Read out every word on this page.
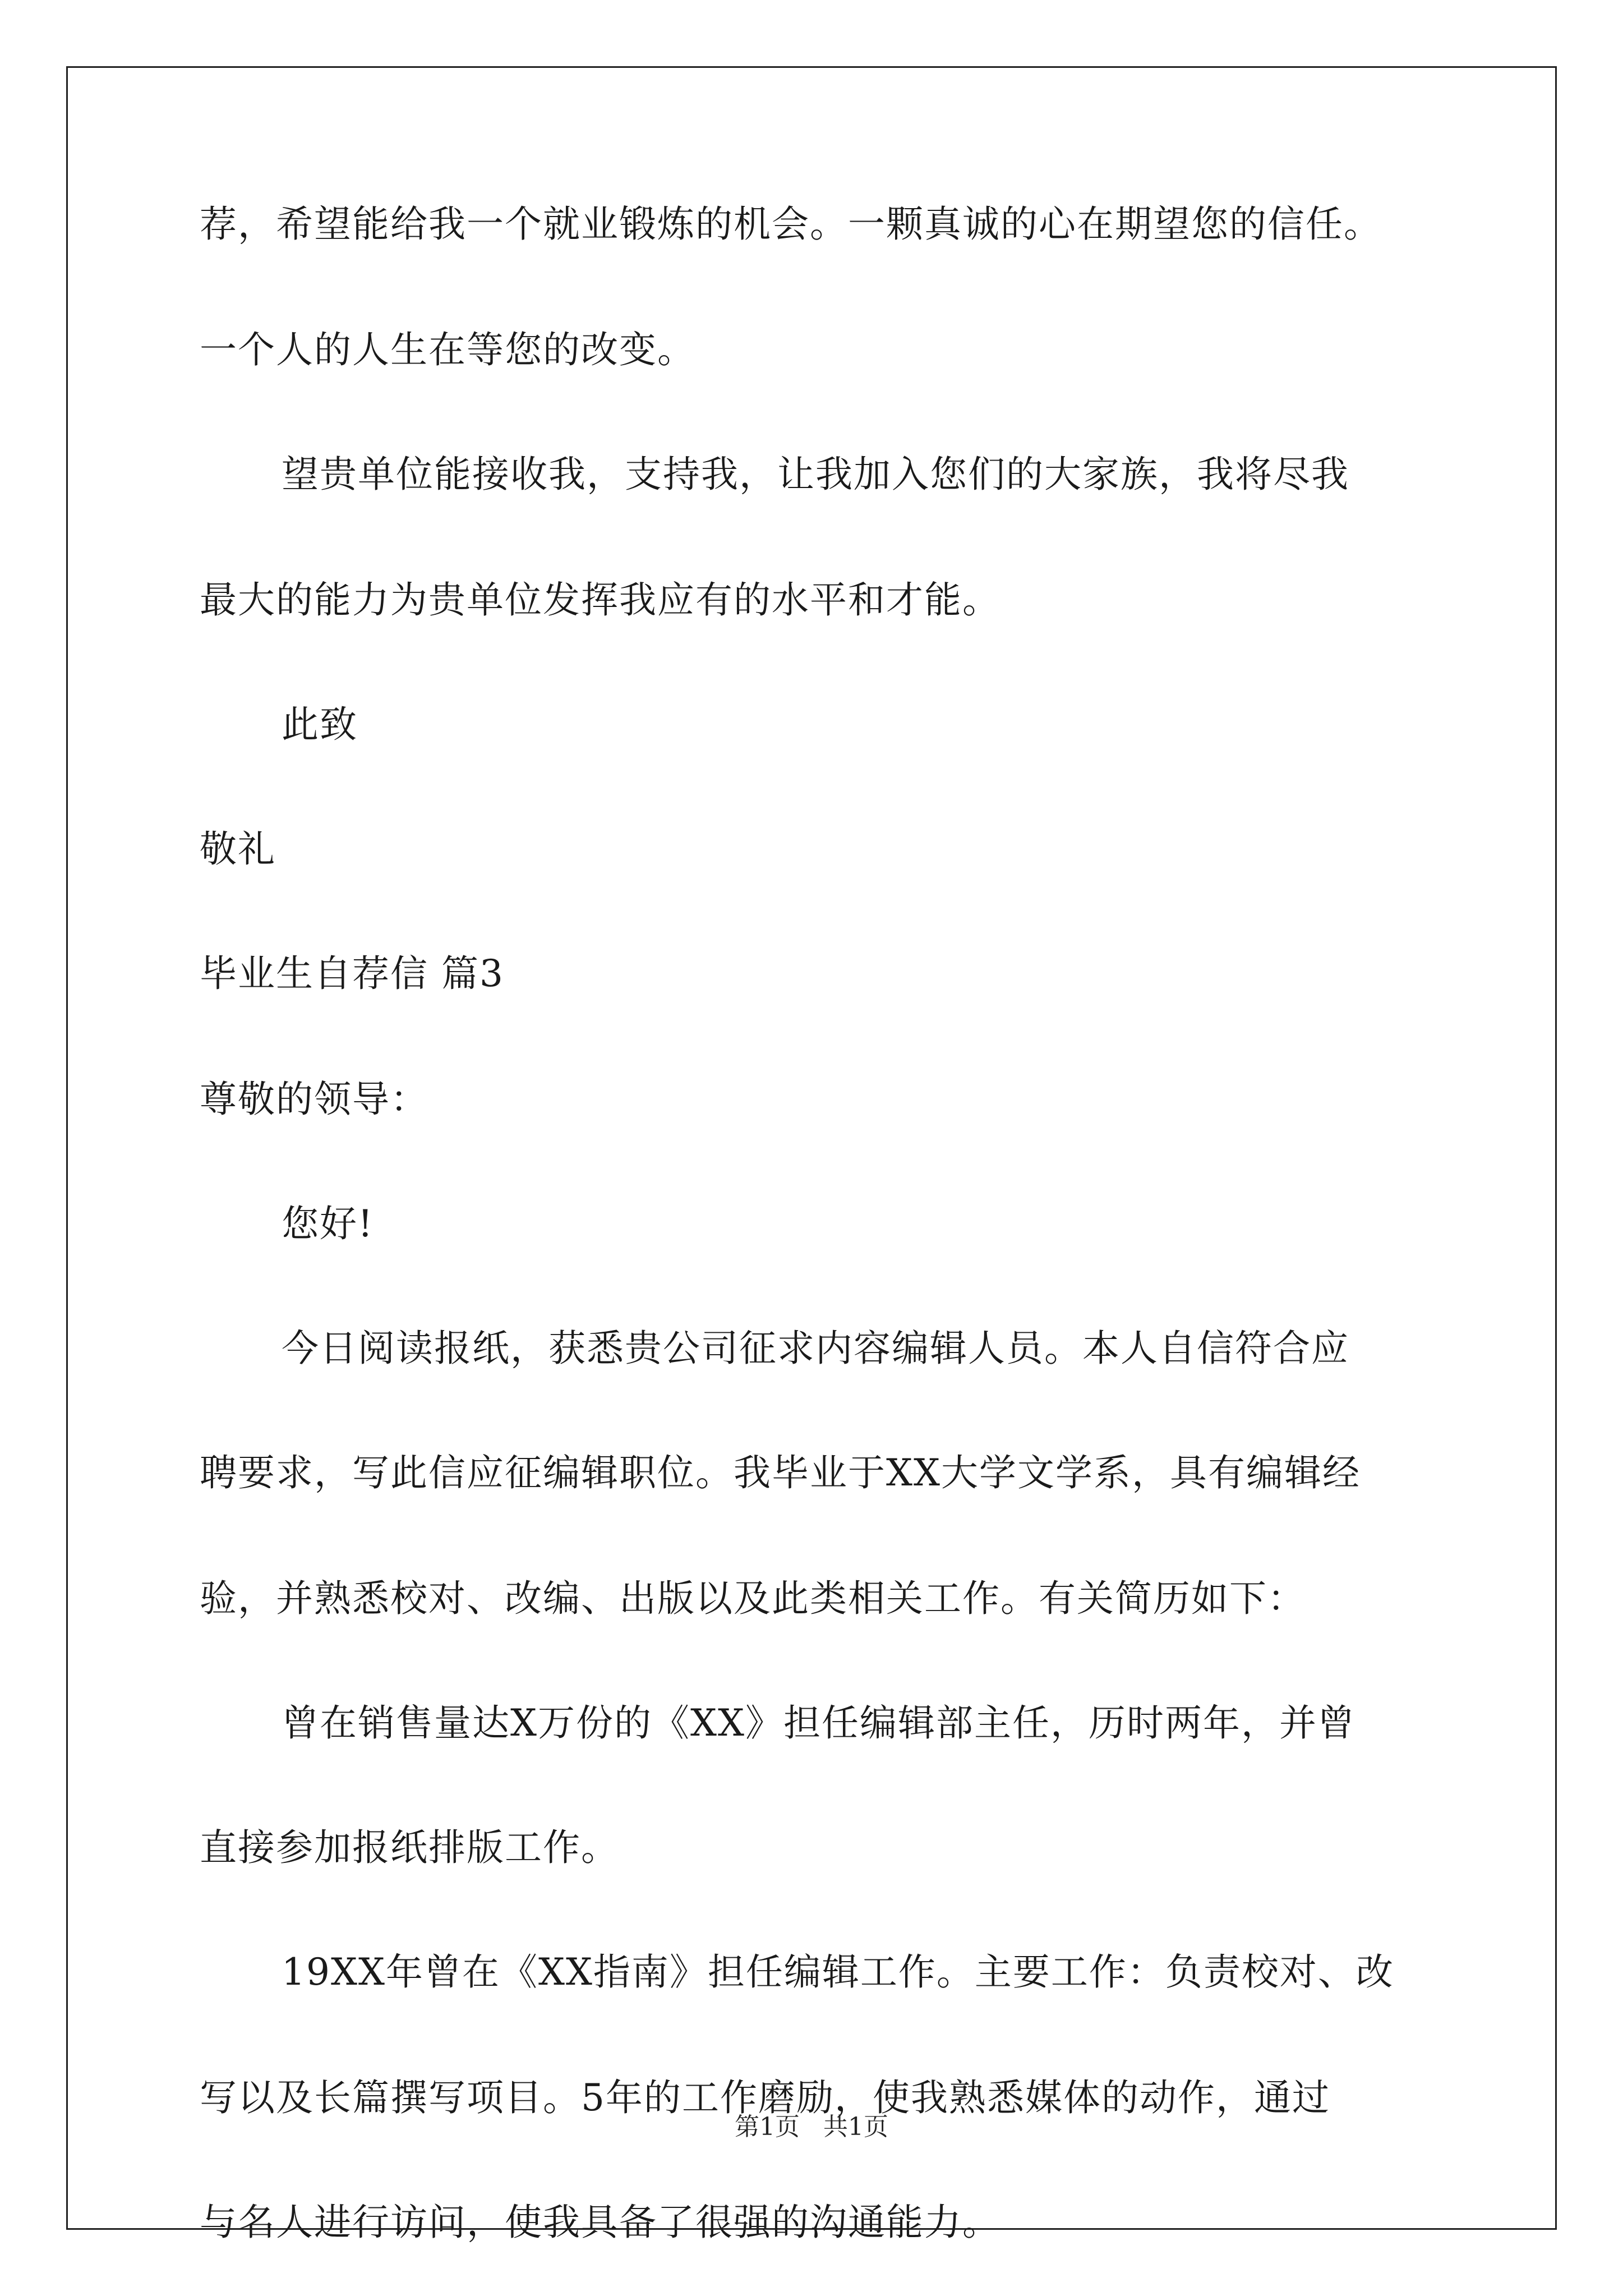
荐，希望能给我一个就业锻炼的机会。一颗真诚的心在期望您的信任。
一个人的人生在等您的改变。
望贵单位能接收我，支持我，让我加入您们的大家族，我将尽我
最大的能力为贵单位发挥我应有的水平和才能。
此致
敬礼
毕业生自荐信 篇3
尊敬的领导：
您好!
今日阅读报纸，获悉贵公司征求内容编辑人员。本人自信符合应
聘要求，写此信应征编辑职位。我毕业于XX大学文学系，具有编辑经
验，并熟悉校对、改编、出版以及此类相关工作。有关简历如下：
曾在销售量达X万份的《XX》担任编辑部主任，历时两年，并曾
直接参加报纸排版工作。
19XX年曾在《XX指南》担任编辑工作。主要工作：负责校对、改
写以及长篇撰写项目。5年的工作磨励，使我熟悉媒体的动作，通过
与名人进行访问，使我具备了很强的沟通能力。
第1页   共1页
